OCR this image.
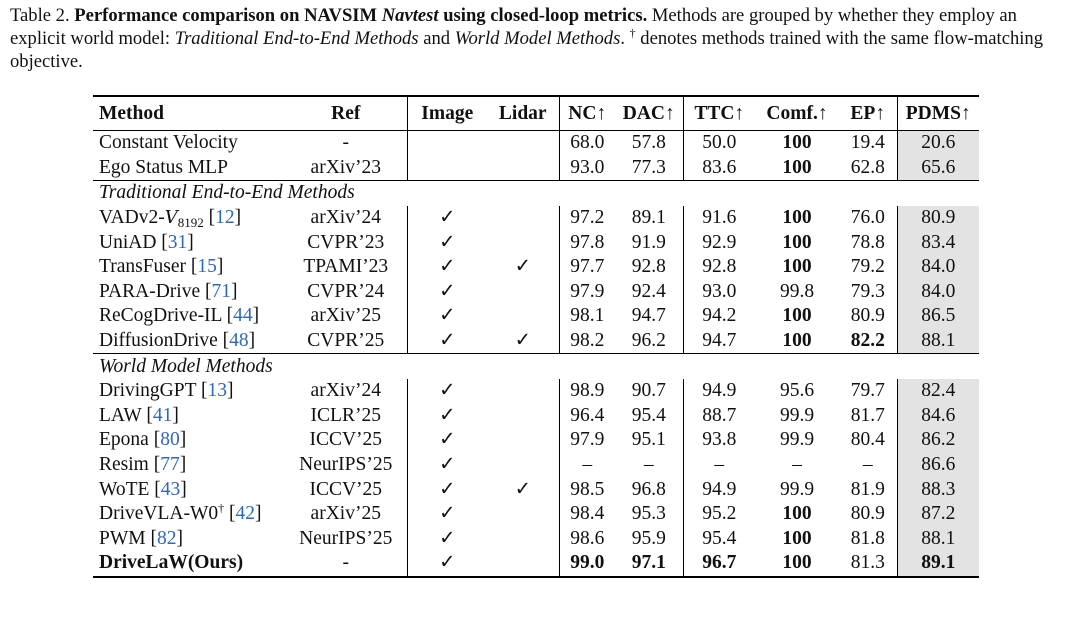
Table 2. Performance comparison on NAVSIM Navtest using closed-loop metrics. Methods are grouped by whether they employ an explicit world model: Traditional End-to-End Methods and World Model Methods. † denotes methods trained with the same flow-matching objective.
Method	Ref	Image	Lidar	NC↑	DAC↑	TTC↑	Comf.↑	EP↑	PDMS↑
Constant Velocity	-			68.0	57.8	50.0	100	19.4	20.6
Ego Status MLP	arXiv’23			93.0	77.3	83.6	100	62.8	65.6
Traditional End-to-End Methods									
$VADv2-V_{8192}$ [12]	arXiv’24	✓		97.2	89.1	91.6	100	76.0	80.9
UniAD [31]	CVPR’23	✓		97.8	91.9	92.9	100	78.8	83.4
TransFuser [15]	TPAMI’23	✓	✓	97.7	92.8	92.8	100	79.2	84.0
PARA-Drive [71]	CVPR’24	✓		97.9	92.4	93.0	99.8	79.3	84.0
ReCogDrive-IL [44]	arXiv’25	✓		98.1	94.7	94.2	100	80.9	86.5
DiffusionDrive [48]	CVPR’25	✓	✓	98.2	96.2	94.7	100	82.2	88.1
World Model Methods									
DrivingGPT [13]	arXiv’24	✓		98.9	90.7	94.9	95.6	79.7	82.4
LAW [41]	ICLR’25	✓		96.4	95.4	88.7	99.9	81.7	84.6
Epona [80]	ICCV’25	✓		97.9	95.1	93.8	99.9	80.4	86.2
Resim [77]	NeurIPS’25	✓		–	–	–	–	–	86.6
WoTE [43]	ICCV’25	✓	✓	98.5	96.8	94.9	99.9	81.9	88.3
DriveVLA-W0† [42]	arXiv’25	✓		98.4	95.3	95.2	100	80.9	87.2
PWM [82]	NeurIPS’25	✓		98.6	95.9	95.4	100	81.8	88.1
DriveLaW(Ours)	-	✓		99.0	97.1	96.7	100	81.3	89.1
